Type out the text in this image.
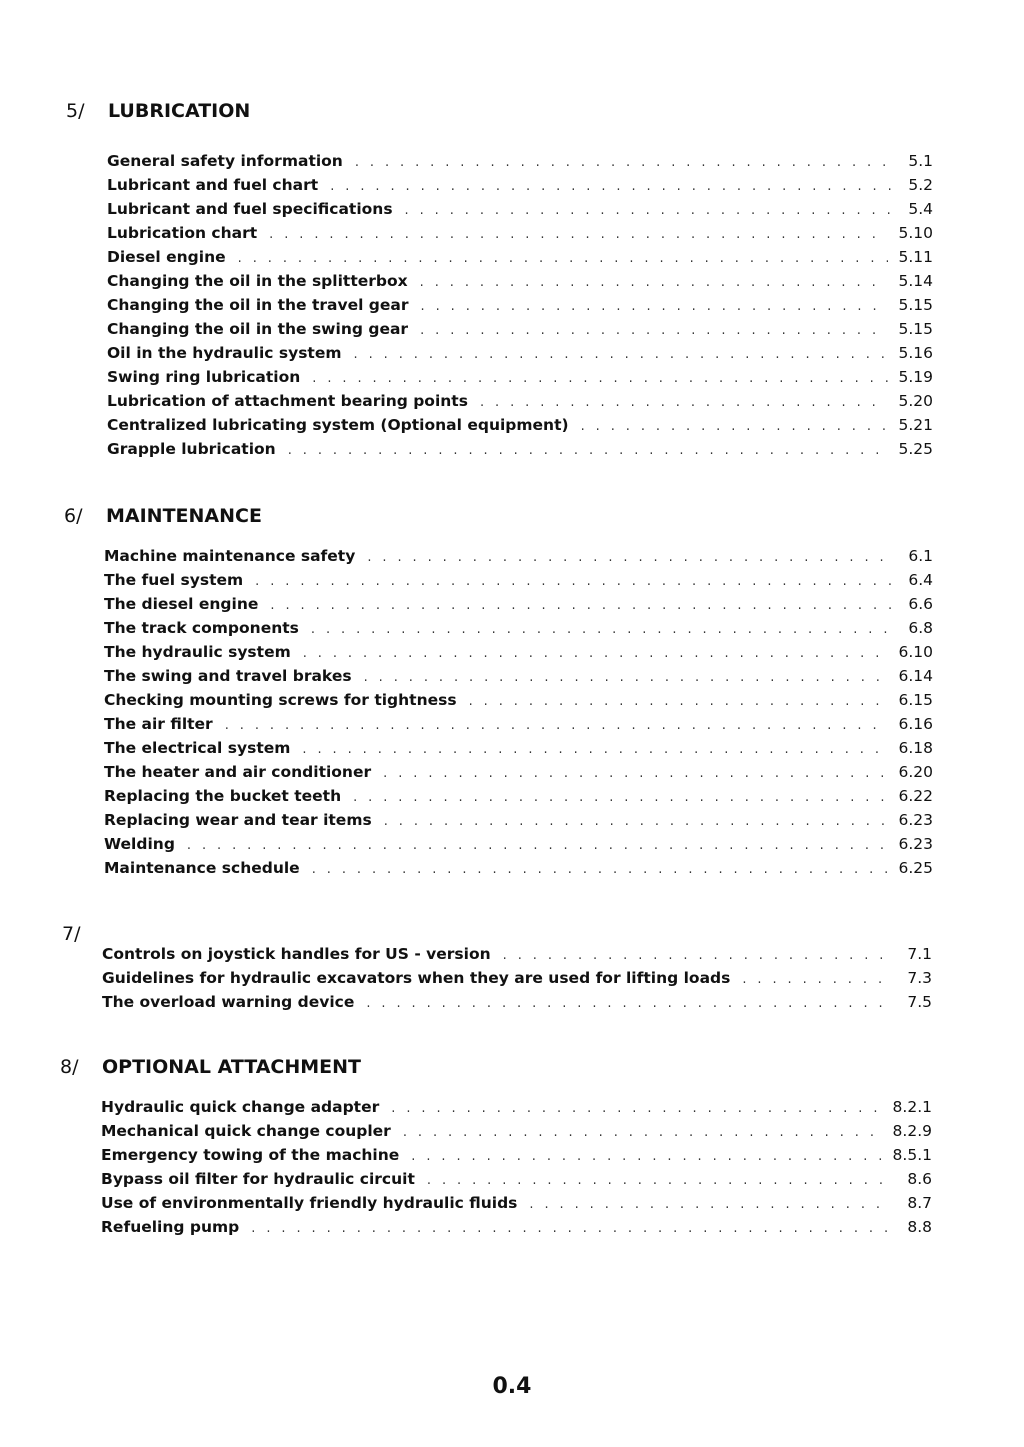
5/ LUBRICATION
General safety information . . .	5.1
Lubricant and fuel chart . . .	5.2
Lubricant and fuel specifications . . .	5.4
Lubrication chart . . .	5.10
Diesel engine . . .	5.11
Changing the oil in the splitterbox . . .	5.14
Changing the oil in the travel gear . . .	5.15
Changing the oil in the swing gear . . .	5.15
Oil in the hydraulic system . . .	5.16
Swing ring lubrication . . .	5.19
Lubrication of attachment bearing points . . .	5.20
Centralized lubricating system (Optional equipment) . . .	5.21
Grapple lubrication . . .	5.25
6/ MAINTENANCE
Machine maintenance safety . . .	6.1
The fuel system . . .	6.4
The diesel engine . . .	6.6
The track components . . .	6.8
The hydraulic system . . .	6.10
The swing and travel brakes . . .	6.14
Checking mounting screws for tightness . . .	6.15
The air filter . . .	6.16
The electrical system . . .	6.18
The heater and air conditioner . . .	6.20
Replacing the bucket teeth . . .	6.22
Replacing wear and tear items . . .	6.23
Welding . . .	6.23
Maintenance schedule . . .	6.25
7/
Controls on joystick handles for US - version . . .	7.1
Guidelines for hydraulic excavators when they are used for lifting loads . . .	7.3
The overload warning device . . .	7.5
8/ OPTIONAL ATTACHMENT
Hydraulic quick change adapter . . .	8.2.1
Mechanical quick change coupler . . .	8.2.9
Emergency towing of the machine . . .	8.5.1
Bypass oil filter for hydraulic circuit . . .	8.6
Use of environmentally friendly hydraulic fluids . . .	8.7
Refueling pump . . .	8.8
0.4
